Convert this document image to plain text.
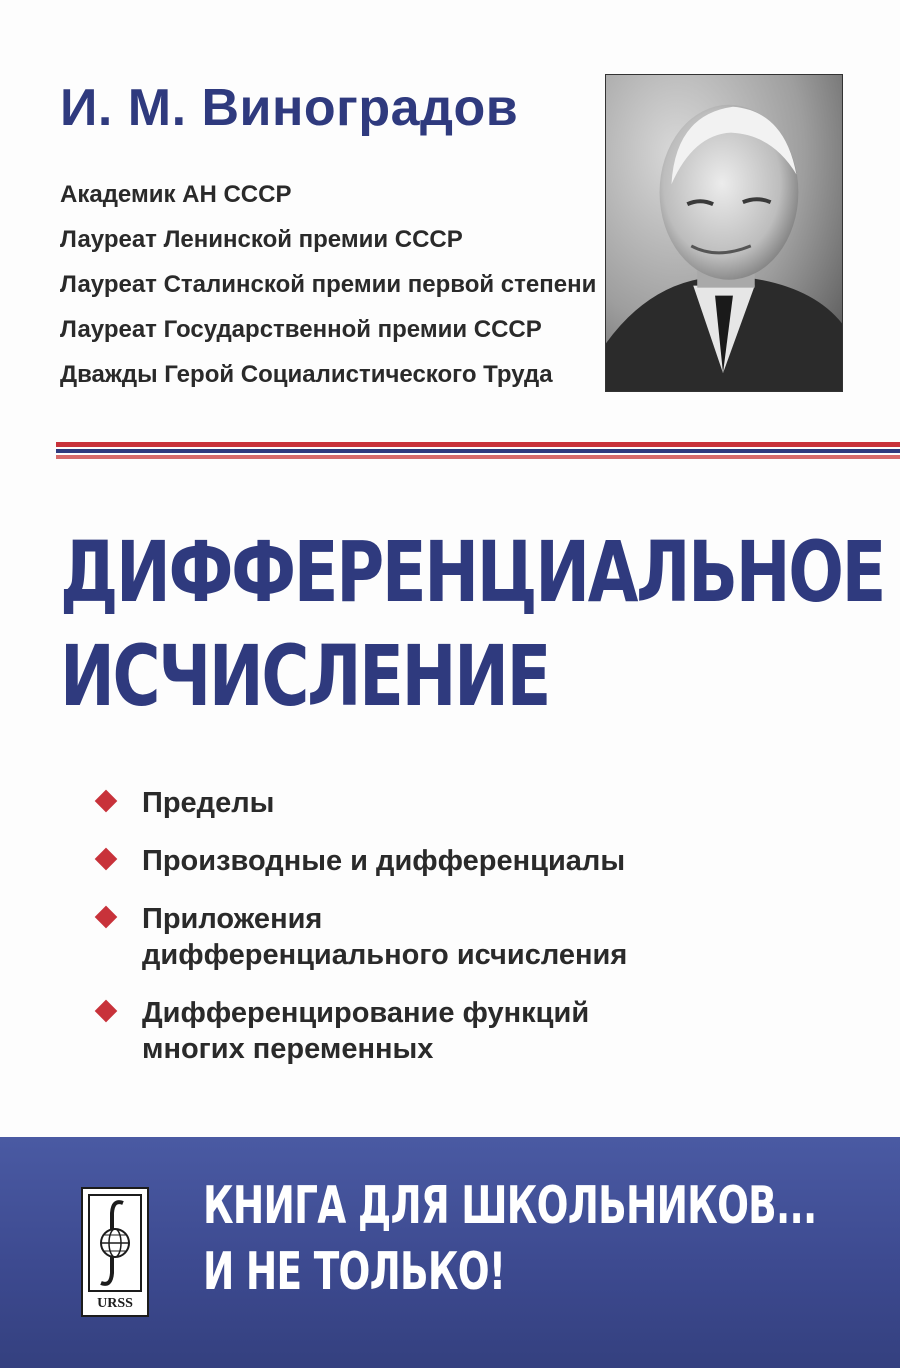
И. М. Виноградов
Академик АН СССР
Лауреат Ленинской премии СССР
Лауреат Сталинской премии первой степени
Лауреат Государственной премии СССР
Дважды Герой Социалистического Труда
ДИФФЕРЕНЦИАЛЬНОЕ
ИСЧИСЛЕНИЕ
Пределы
Производные и дифференциалы
Приложения
дифференциального исчисления
Дифференцирование функций
многих переменных
URSS
КНИГА ДЛЯ ШКОЛЬНИКОВ...
И НЕ ТОЛЬКО!
